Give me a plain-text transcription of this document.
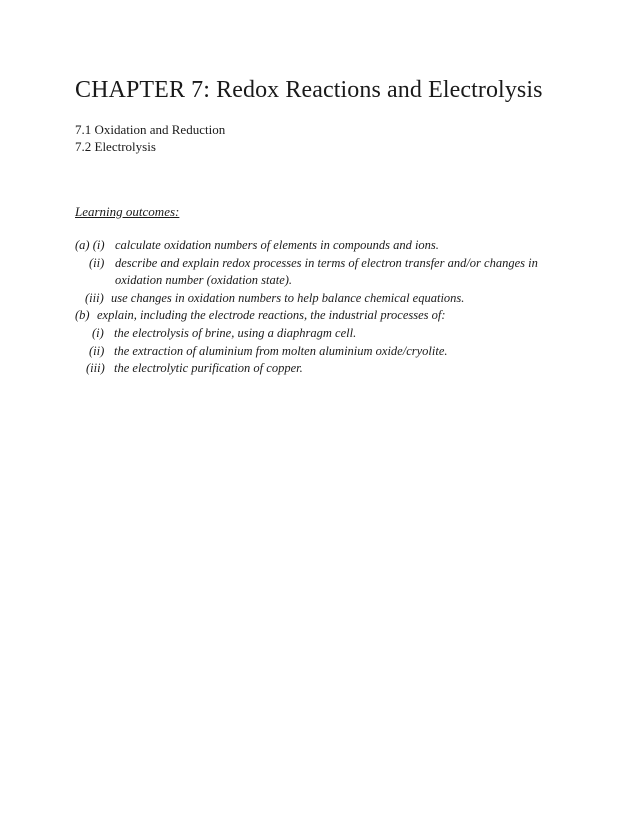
CHAPTER 7: Redox Reactions and Electrolysis
7.1 Oxidation and Reduction
7.2 Electrolysis
Learning outcomes:
(a) (i) calculate oxidation numbers of elements in compounds and ions.
(ii) describe and explain redox processes in terms of electron transfer and/or changes in
oxidation number (oxidation state).
(iii) use changes in oxidation numbers to help balance chemical equations.
(b) explain, including the electrode reactions, the industrial processes of:
(i) the electrolysis of brine, using a diaphragm cell.
(ii) the extraction of aluminium from molten aluminium oxide/cryolite.
(iii) the electrolytic purification of copper.
